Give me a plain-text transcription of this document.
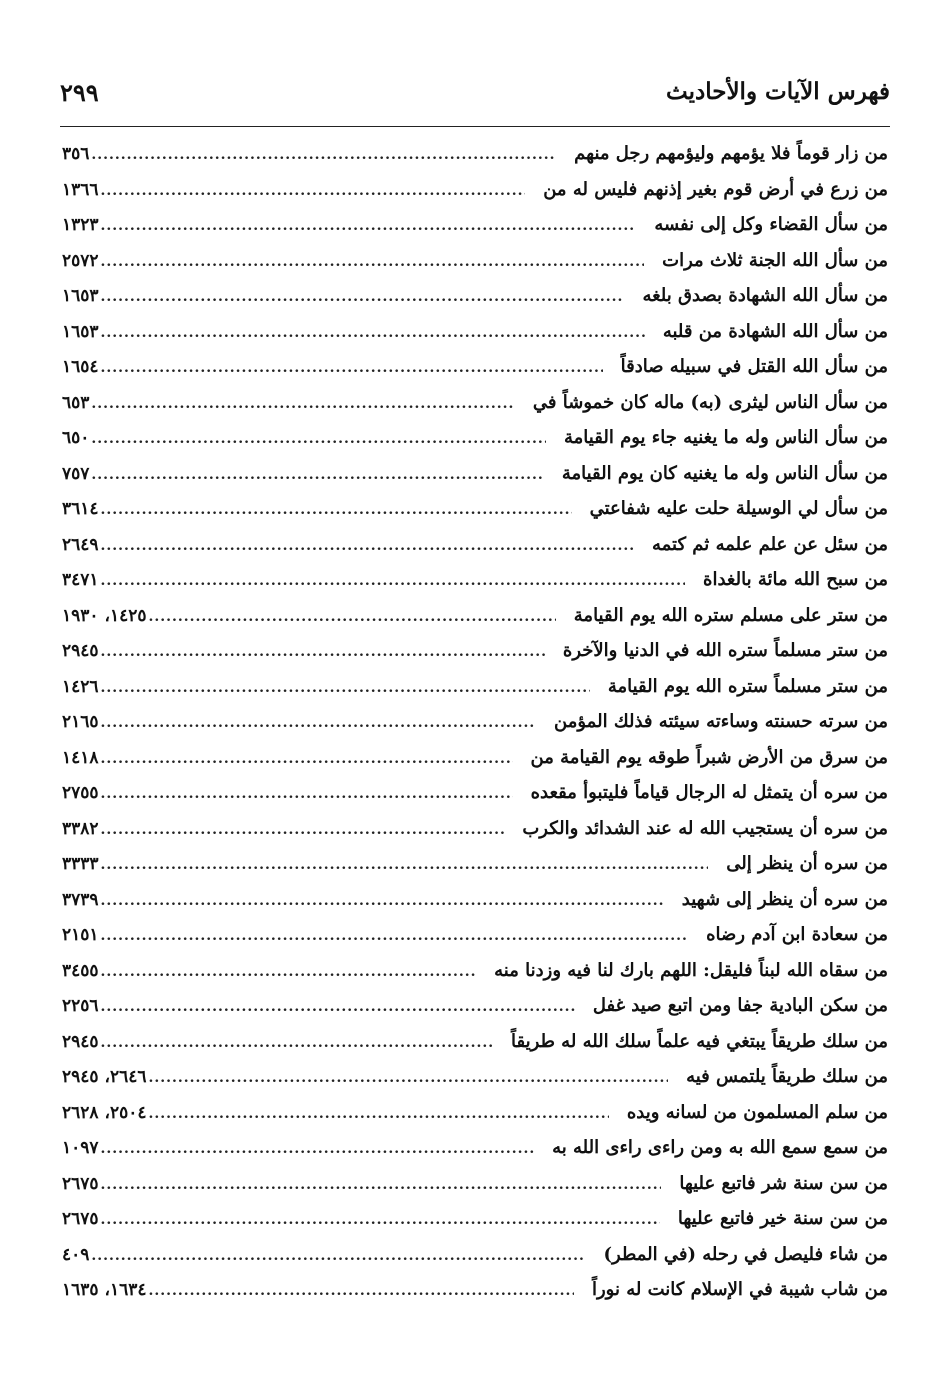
فهرس الآيات والأحاديث
٢٩٩
من زار قوماً فلا يؤمهم وليؤمهم رجل منهم
.....
٣٥٦
من زرع في أرض قوم بغير إذنهم فليس له من
.....
١٣٦٦
من سأل القضاء وكل إلى نفسه
.....
١٣٢٣
من سأل الله الجنة ثلاث مرات
.....
٢٥٧٢
من سأل الله الشهادة بصدق بلغه
.....
١٦٥٣
من سأل الله الشهادة من قلبه
.....
١٦٥٣
من سأل الله القتل في سبيله صادقاً
.....
١٦٥٤
من سأل الناس ليثرى (به) ماله كان خموشاً في
.....
٦٥٣
من سأل الناس وله ما يغنيه جاء يوم القيامة
.....
٦٥٠
من سأل الناس وله ما يغنيه كان يوم القيامة
.....
٧٥٧
من سأل لي الوسيلة حلت عليه شفاعتي
.....
٣٦١٤
من سئل عن علم علمه ثم كتمه
.....
٢٦٤٩
من سبح الله مائة بالغداة
.....
٣٤٧١
من ستر على مسلم ستره الله يوم القيامة
.....
١٤٢٥، ١٩٣٠
من ستر مسلماً ستره الله في الدنيا والآخرة
.....
٢٩٤٥
من ستر مسلماً ستره الله يوم القيامة
.....
١٤٢٦
من سرته حسنته وساءته سيئته فذلك المؤمن
.....
٢١٦٥
من سرق من الأرض شبراً طوقه يوم القيامة من
.....
١٤١٨
من سره أن يتمثل له الرجال قياماً فليتبوأ مقعده
.....
٢٧٥٥
من سره أن يستجيب الله له عند الشدائد والكرب
.....
٣٣٨٢
من سره أن ينظر إلى
.....
٣٣٣٣
من سره أن ينظر إلى شهيد
.....
٣٧٣٩
من سعادة ابن آدم رضاه
.....
٢١٥١
من سقاه الله لبناً فليقل: اللهم بارك لنا فيه وزدنا منه
.....
٣٤٥٥
من سكن البادية جفا ومن اتبع صيد غفل
.....
٢٢٥٦
من سلك طريقاً يبتغي فيه علماً سلك الله له طريقاً
.....
٢٩٤٥
من سلك طريقاً يلتمس فيه
.....
٢٦٤٦، ٢٩٤٥
من سلم المسلمون من لسانه ويده
.....
٢٥٠٤، ٢٦٢٨
من سمع سمع الله به ومن راءى راءى الله به
.....
١٠٩٧
من سن سنة شر فاتبع عليها
.....
٢٦٧٥
من سن سنة خير فاتبع عليها
.....
٢٦٧٥
من شاء فليصل في رحله (في المطر)
.....
٤٠٩
من شاب شيبة في الإسلام كانت له نوراً
.....
١٦٣٤، ١٦٣٥
